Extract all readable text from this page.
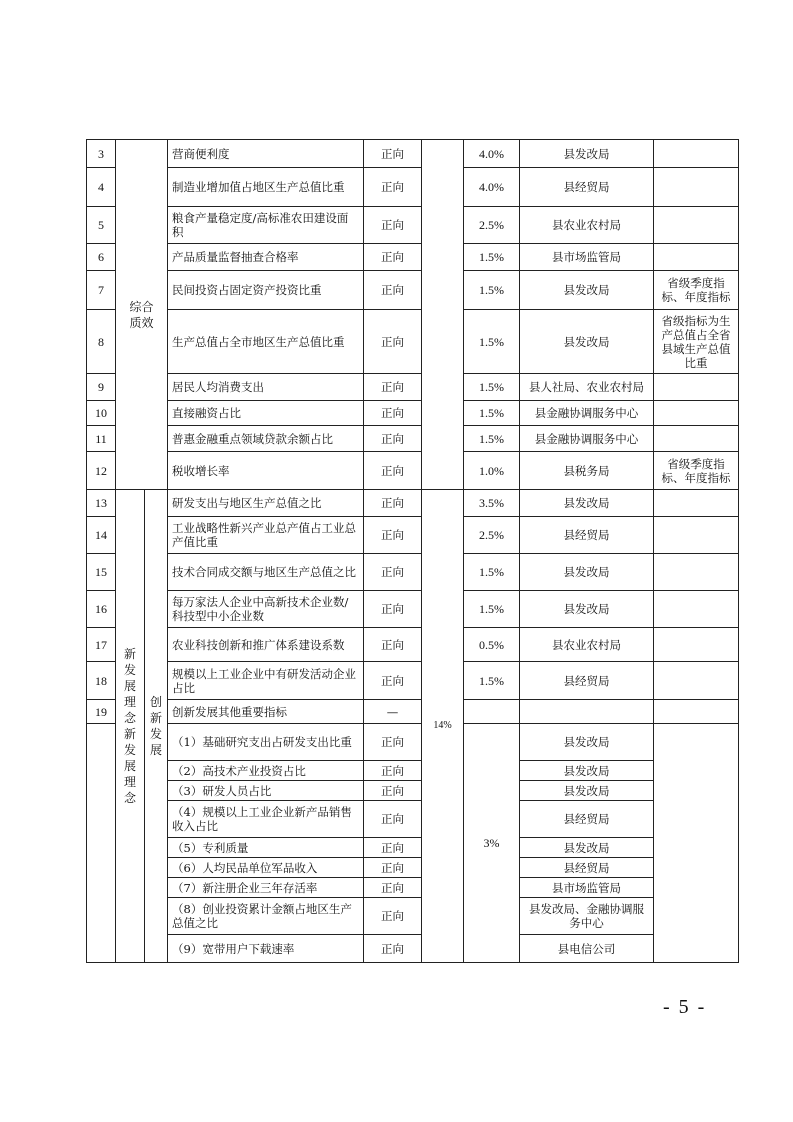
3	综合质效		营商便利度	正向		4.0%	县发改局	
4			制造业增加值占地区生产总值比重	正向		4.0%	县经贸局	
5			粮食产量稳定度/高标准农田建设面积	正向		2.5%	县农业农村局	
6			产品质量监督抽查合格率	正向		1.5%	县市场监管局	
7			民间投资占固定资产投资比重	正向		1.5%	县发改局	省级季度指标、年度指标
8			生产总值占全市地区生产总值比重	正向		1.5%	县发改局	省级指标为生产总值占全省县域生产总值比重
9			居民人均消费支出	正向		1.5%	县人社局、农业农村局	
10			直接融资占比	正向		1.5%	县金融协调服务中心	
11			普惠金融重点领域贷款余额占比	正向		1.5%	县金融协调服务中心	
12			税收增长率	正向		1.0%	县税务局	省级季度指标、年度指标
13	新发展理念新发展理念	创新发展	研发支出与地区生产总值之比	正向	14%	3.5%	县发改局	
14			工业战略性新兴产业总产值占工业总产值比重	正向		2.5%	县经贸局	
15			技术合同成交额与地区生产总值之比	正向		1.5%	县发改局	
16			每万家法人企业中高新技术企业数/科技型中小企业数	正向		1.5%	县发改局	
17			农业科技创新和推广体系建设系数	正向		0.5%	县农业农村局	
18			规模以上工业企业中有研发活动企业占比	正向		1.5%	县经贸局	
19			创新发展其他重要指标	—				
			（1）基础研究支出占研发支出比重	正向		3%	县发改局	
			（2）高技术产业投资占比	正向			县发改局	
			（3）研发人员占比	正向			县发改局	
			（4）规模以上工业企业新产品销售收入占比	正向			县经贸局	
			（5）专利质量	正向			县发改局	
			（6）人均民品单位军品收入	正向			县经贸局	
			（7）新注册企业三年存活率	正向			县市场监管局	
			（8）创业投资累计金额占地区生产总值之比	正向			县发改局、金融协调服务中心	
			（9）宽带用户下载速率	正向			县电信公司	
- 5 -
